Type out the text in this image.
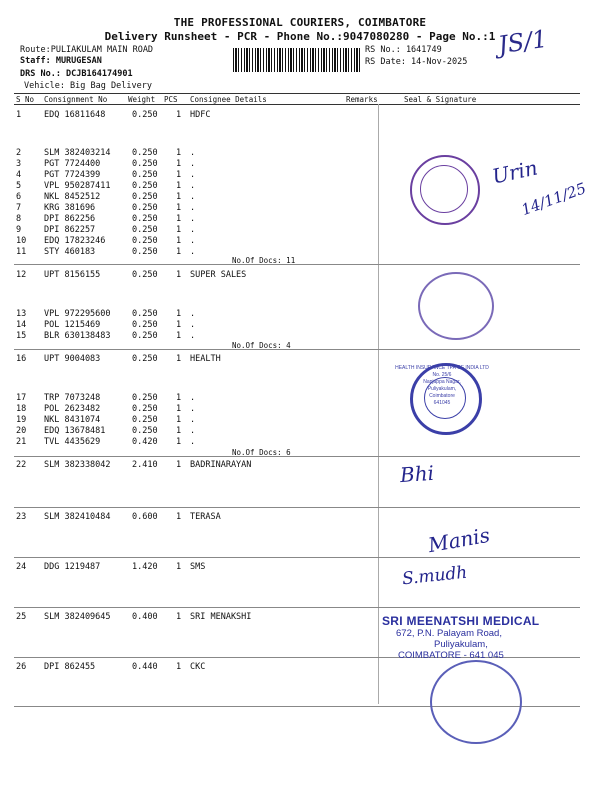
THE PROFESSIONAL COURIERS, COIMBATORE
Delivery Runsheet - PCR - Phone No.:9047080280 - Page No.:1
Route:PULIAKULAM MAIN ROAD
Staff: MURUGESAN
DRS No.: DCJB164174901
Vehicle: Big Bag Delivery
RS No.: 1641749
RS Date: 14-Nov-2025
JS/1
S No Consignment No	Weight PCS Consignee Details	Remarks	Seal & Signature
1	EDQ 16811648	0.250 1 HDFC
2	SLM 382403214	0.250 1 .
3	PGT 7724400	0.250 1 .
4	PGT 7724399	0.250 1 .
5	VPL 950287411	0.250 1 .
6	NKL 8452512	0.250 1 .
7	KRG 381696	0.250 1 .
8	DPI 862256	0.250 1 .
9	DPI 862257	0.250 1 .
10 EDQ 17823246	0.250 1 .
11 STY 460183	0.250 1 .
12 UPT 8156155	0.250 1 SUPER SALES
13 VPL 972295600	0.250 1 .
14 POL 1215469	0.250 1 .
15 BLR 630138483	0.250 1 .
16 UPT 9004083	0.250 1 HEALTH
17 TRP 7073248	0.250 1 .
18 POL 2623482	0.250 1 .
19 NKL 8431074	0.250 1 .
20 EDQ 13678481	0.250 1 .
21 TVL 4435629	0.420 1 .
22 SLM 382338042	2.410 1 BADRINARAYAN
23 SLM 382410484	0.600 1 TERASA
24 DDG 1219487	1.420 1 SMS
25 SLM 382409645	0.400 1 SRI MENAKSHI
26 DPI 862455	0.440 1 CKC
No.Of Docs: 11
No.Of Docs: 4
No.Of Docs: 6
HEALTH INSURANCE TPA OF INDIA LTD
No. 25/6
Nanjappa Nagar,
Puliyakulam,
Coimbatore
641045
Urin
14/11/25
Bhi
Manis
S.mudh
SRI MEENATSHI MEDICAL
672, P.N. Palayam Road,
Puliyakulam,
COIMBATORE - 641 045
